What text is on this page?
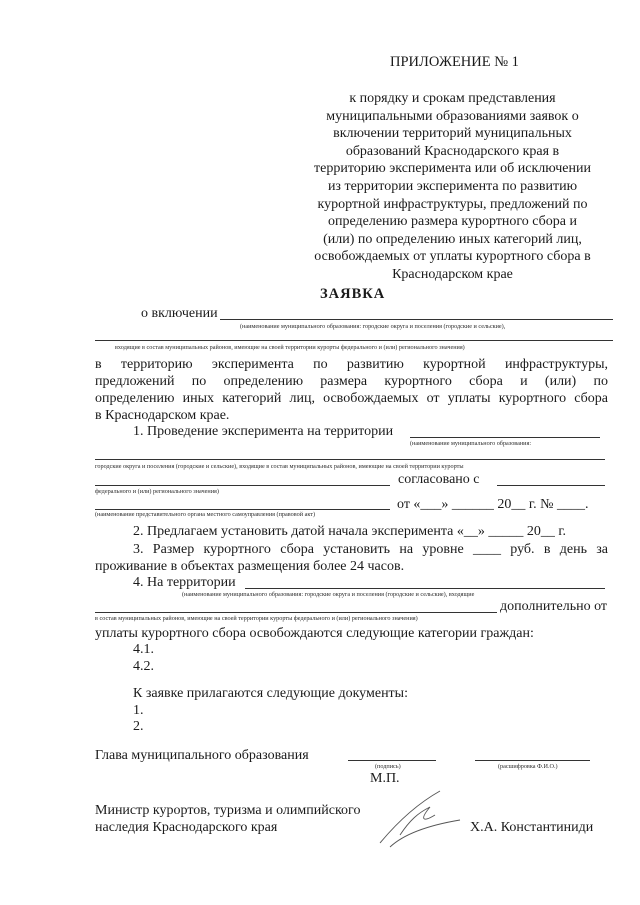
ПРИЛОЖЕНИЕ № 1
к порядку и срокам представления
муниципальными образованиями заявок о
включении территорий муниципальных
образований Краснодарского края в
территорию эксперимента или об исключении
из территории эксперимента по развитию
курортной инфраструктуры, предложений по
определению размера курортного сбора и
(или) по определению иных категорий лиц,
освобождаемых от уплаты курортного сбора в
Краснодарском крае
ЗАЯВКА
о включении
(наименование муниципального образования: городские округа и поселения (городские и сельские),
входящие в состав муниципальных районов, имеющие на своей территории курорты федерального и (или) регионального значения)
в территорию эксперимента по развитию курортной инфраструктуры,
предложений по определению размера курортного сбора и (или) по
определению иных категорий лиц, освобождаемых от уплаты курортного сбора
в Краснодарском крае.
1. Проведение эксперимента на территории
(наименование муниципального образования:
городские округа и поселения (городские и сельские), входящие в состав муниципальных районов, имеющие на своей территории курорты
согласовано с
федерального и (или) регионального значения)
от «___» ______ 20__ г. № ____.
(наименование представительного органа местного самоуправления (правовой акт)
2. Предлагаем установить датой начала эксперимента «__» _____ 20__ г.
3. Размер курортного сбора установить на уровне ____ руб. в день за
проживание в объектах размещения более 24 часов.
4. На территории
(наименование муниципального образования: городские округа и поселения (городские и сельские), входящие
дополнительно от
в состав муниципальных районов, имеющие на своей территории курорты федерального и (или) регионального значения)
уплаты курортного сбора освобождаются следующие категории граждан:
4.1.
4.2.
К заявке прилагаются следующие документы:
1.
2.
Глава муниципального образования
(подпись)	(расшифровка Ф.И.О.)
М.П.
Министр курортов, туризма и олимпийского
наследия Краснодарского края	Х.А. Константиниди
